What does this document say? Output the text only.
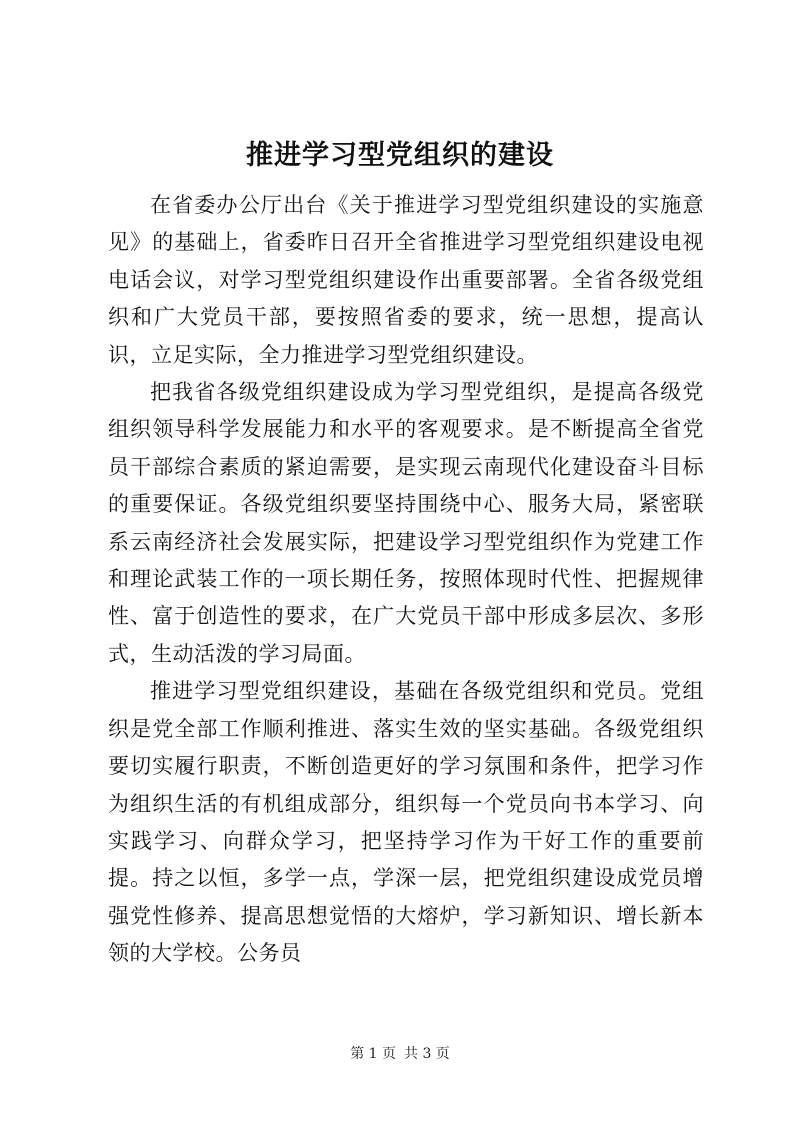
推进学习型党组织的建设

在省委办公厅出台《关于推进学习型党组织建设的实施意见》的基础上，省委昨日召开全省推进学习型党组织建设电视电话会议，对学习型党组织建设作出重要部署。全省各级党组织和广大党员干部，要按照省委的要求，统一思想，提高认识，立足实际，全力推进学习型党组织建设。

把我省各级党组织建设成为学习型党组织，是提高各级党组织领导科学发展能力和水平的客观要求。是不断提高全省党员干部综合素质的紧迫需要，是实现云南现代化建设奋斗目标的重要保证。各级党组织要坚持围绕中心、服务大局，紧密联系云南经济社会发展实际，把建设学习型党组织作为党建工作和理论武装工作的一项长期任务，按照体现时代性、把握规律性、富于创造性的要求，在广大党员干部中形成多层次、多形式，生动活泼的学习局面。

推进学习型党组织建设，基础在各级党组织和党员。党组织是党全部工作顺利推进、落实生效的坚实基础。各级党组织要切实履行职责，不断创造更好的学习氛围和条件，把学习作为组织生活的有机组成部分，组织每一个党员向书本学习、向实践学习、向群众学习，把坚持学习作为干好工作的重要前提。持之以恒，多学一点，学深一层，把党组织建设成党员增强党性修养、提高思想觉悟的大熔炉，学习新知识、增长新本领的大学校。公务员

第 1 页 共 3 页
